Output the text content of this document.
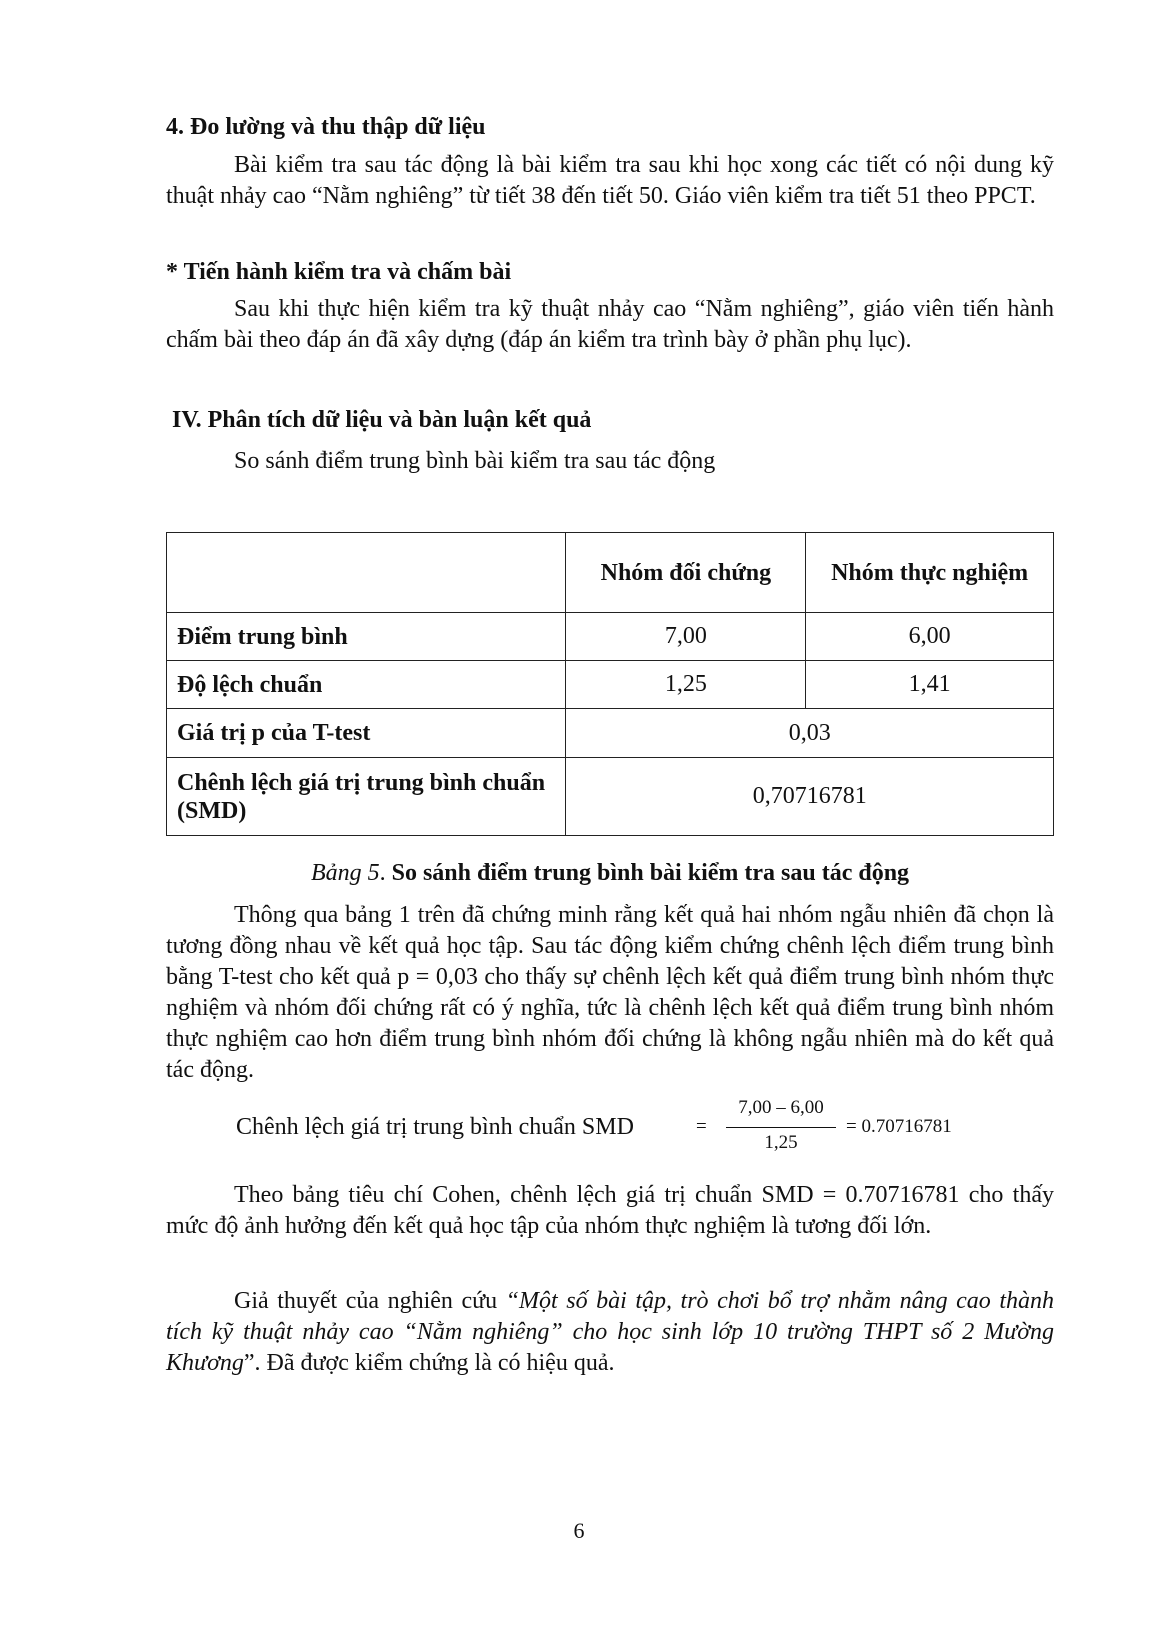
4. Đo lường và thu thập dữ liệu

Bài kiểm tra sau tác động là bài kiểm tra sau khi học xong các tiết có nội dung kỹ thuật nhảy cao “Nằm nghiêng” từ tiết 38 đến tiết 50. Giáo viên kiểm tra tiết 51 theo PPCT.

* Tiến hành kiểm tra và chấm bài

Sau khi thực hiện kiểm tra kỹ thuật nhảy cao “Nằm nghiêng”, giáo viên tiến hành chấm bài theo đáp án đã xây dựng (đáp án kiểm tra trình bày ở phần phụ lục).

IV. Phân tích dữ liệu và bàn luận kết quả
So sánh điểm trung bình bài kiểm tra sau tác động
	Nhóm đối chứng	Nhóm thực nghiệm
Điểm trung bình	7,00	6,00
Độ lệch chuẩn	1,25	1,41
Giá trị p của T-test	0,03	
Chênh lệch giá trị trung bình chuẩn (SMD)	0,70716781	
Bảng 5. So sánh điểm trung bình bài kiểm tra sau tác động

Thông qua bảng 1 trên đã chứng minh rằng kết quả hai nhóm ngẫu nhiên đã chọn là tương đồng nhau về kết quả học tập. Sau tác động kiểm chứng chênh lệch điểm trung bình bằng T-test cho kết quả p = 0,03 cho thấy sự chênh lệch kết quả điểm trung bình nhóm thực nghiệm và nhóm đối chứng rất có ý nghĩa, tức là chênh lệch kết quả điểm trung bình nhóm thực nghiệm cao hơn điểm trung bình nhóm đối chứng là không ngẫu nhiên mà do kết quả tác động.

Chênh lệch giá trị trung bình chuẩn SMD	=
7,00 – 6,00
1,25
= 0.70716781

Theo bảng tiêu chí Cohen, chênh lệch giá trị chuẩn SMD = 0.70716781 cho thấy mức độ ảnh hưởng đến kết quả học tập của nhóm thực nghiệm là tương đối lớn.

Giả thuyết của nghiên cứu “Một số bài tập, trò chơi bổ trợ nhằm nâng cao thành tích kỹ thuật nhảy cao “Nằm nghiêng” cho học sinh lớp 10 trường THPT số 2 Mường Khương”. Đã được kiểm chứng là có hiệu quả.

6
